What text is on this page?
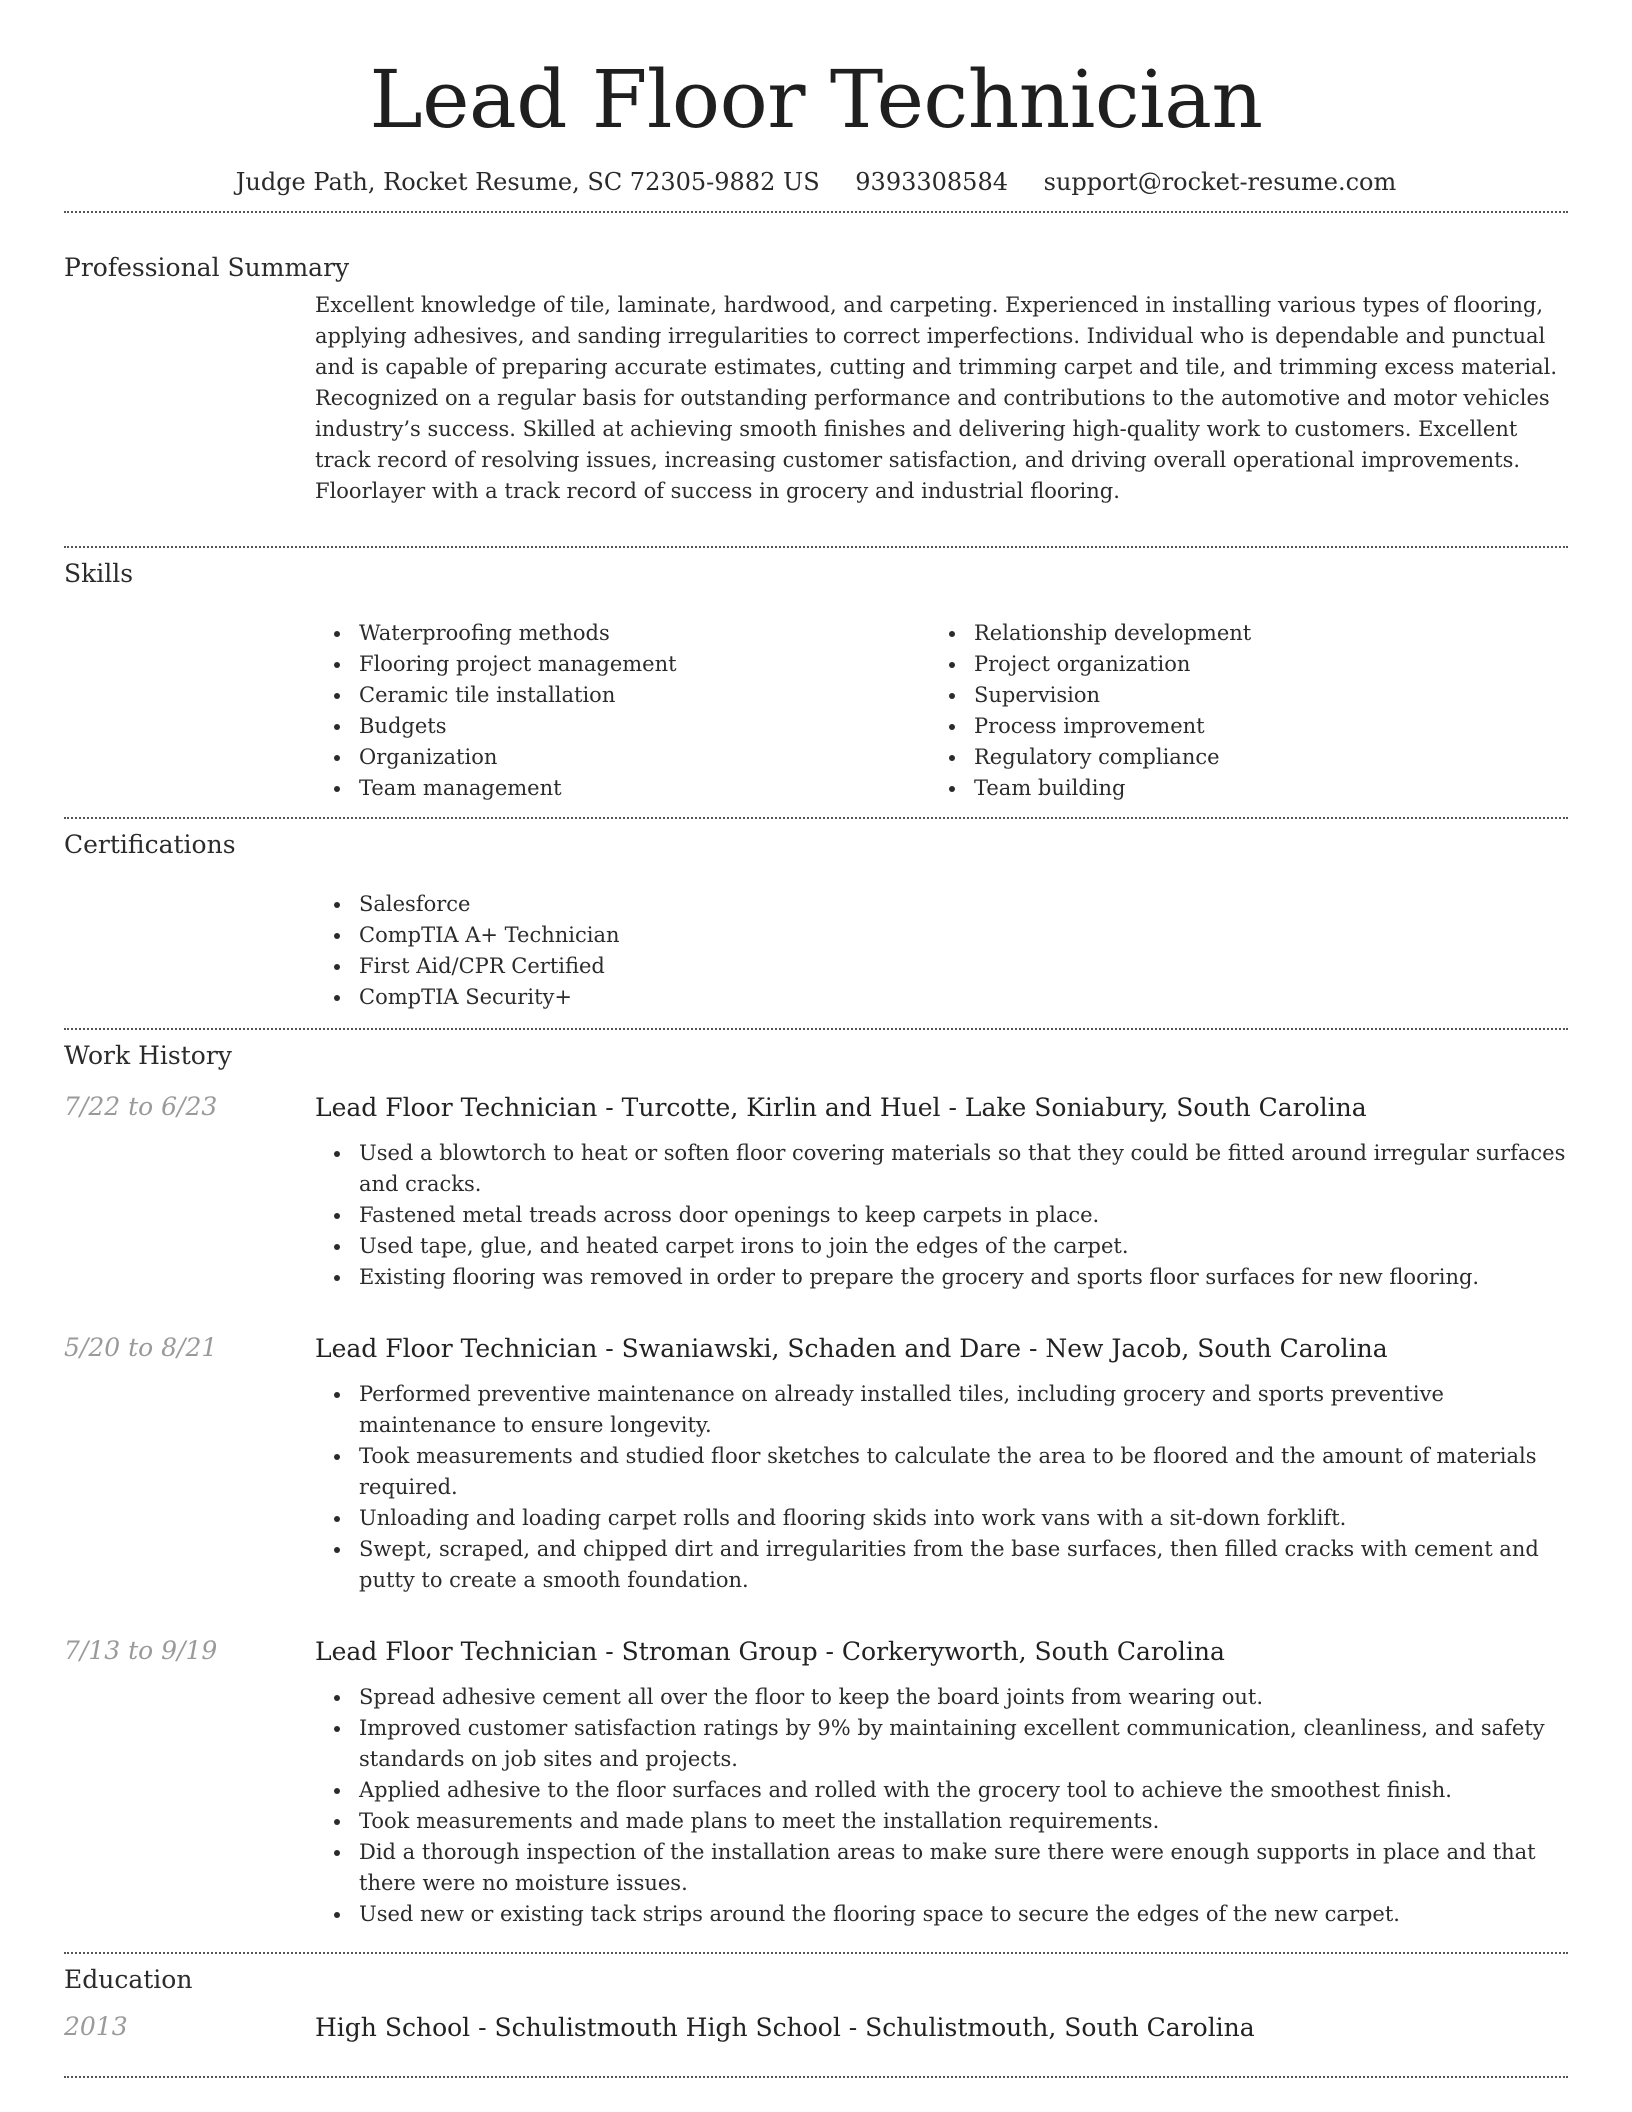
Lead Floor Technician
Judge Path, Rocket Resume, SC 72305-9882 US 9393308584 support@rocket-resume.com
Professional Summary
Excellent knowledge of tile, laminate, hardwood, and carpeting. Experienced in installing various types of flooring, applying adhesives, and sanding irregularities to correct imperfections. Individual who is dependable and punctual and is capable of preparing accurate estimates, cutting and trimming carpet and tile, and trimming excess material. Recognized on a regular basis for outstanding performance and contributions to the automotive and motor vehicles industry’s success. Skilled at achieving smooth finishes and delivering high-quality work to customers. Excellent track record of resolving issues, increasing customer satisfaction, and driving overall operational improvements. Floorlayer with a track record of success in grocery and industrial flooring.
Skills
Waterproofing methods
Flooring project management
Ceramic tile installation
Budgets
Organization
Team management
Relationship development
Project organization
Supervision
Process improvement
Regulatory compliance
Team building
Certifications
Salesforce
CompTIA A+ Technician
First Aid/CPR Certified
CompTIA Security+
Work History
7/22 to 6/23	Lead Floor Technician - Turcotte, Kirlin and Huel - Lake Soniabury, South Carolina
Used a blowtorch to heat or soften floor covering materials so that they could be fitted around irregular surfaces and cracks.
Fastened metal treads across door openings to keep carpets in place.
Used tape, glue, and heated carpet irons to join the edges of the carpet.
Existing flooring was removed in order to prepare the grocery and sports floor surfaces for new flooring.
5/20 to 8/21	Lead Floor Technician - Swaniawski, Schaden and Dare - New Jacob, South Carolina
Performed preventive maintenance on already installed tiles, including grocery and sports preventive maintenance to ensure longevity.
Took measurements and studied floor sketches to calculate the area to be floored and the amount of materials required.
Unloading and loading carpet rolls and flooring skids into work vans with a sit-down forklift.
Swept, scraped, and chipped dirt and irregularities from the base surfaces, then filled cracks with cement and putty to create a smooth foundation.
7/13 to 9/19	Lead Floor Technician - Stroman Group - Corkeryworth, South Carolina
Spread adhesive cement all over the floor to keep the board joints from wearing out.
Improved customer satisfaction ratings by 9% by maintaining excellent communication, cleanliness, and safety standards on job sites and projects.
Applied adhesive to the floor surfaces and rolled with the grocery tool to achieve the smoothest finish.
Took measurements and made plans to meet the installation requirements.
Did a thorough inspection of the installation areas to make sure there were enough supports in place and that there were no moisture issues.
Used new or existing tack strips around the flooring space to secure the edges of the new carpet.
Education
2013	High School - Schulistmouth High School - Schulistmouth, South Carolina
